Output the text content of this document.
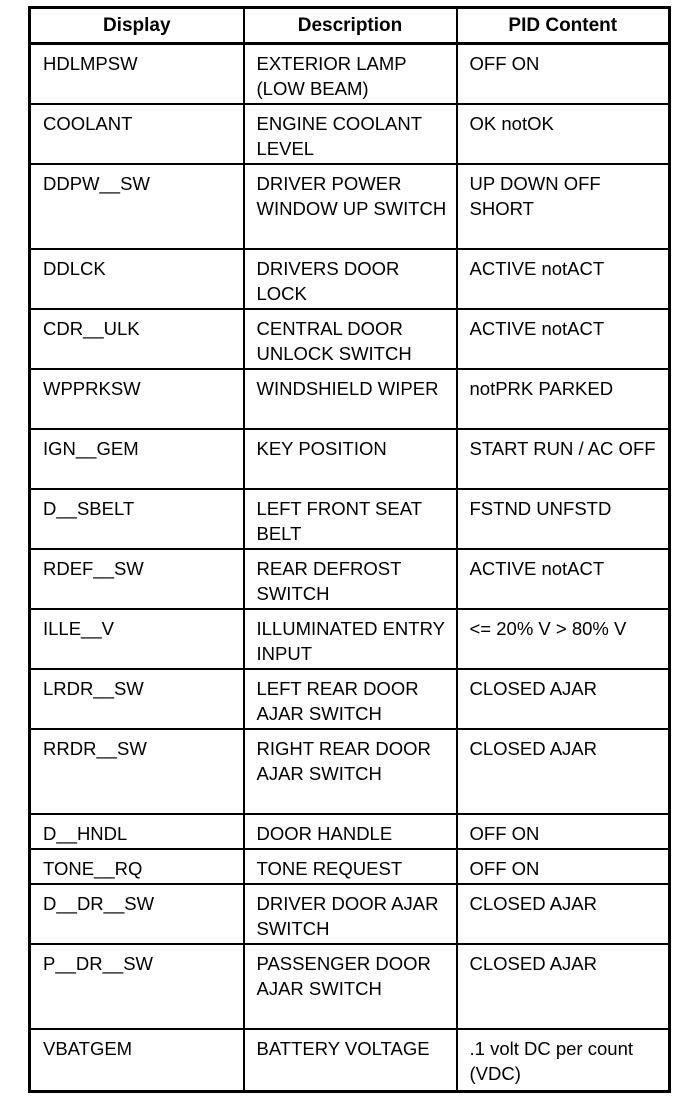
Display	Description	PID Content
HDLMPSW	EXTERIOR LAMP (LOW BEAM)	OFF ON
COOLANT	ENGINE COOLANT LEVEL	OK notOK
DDPW__SW	DRIVER POWER WINDOW UP SWITCH	UP DOWN OFF SHORT
DDLCK	DRIVERS DOOR LOCK	ACTIVE notACT
CDR__ULK	CENTRAL DOOR UNLOCK SWITCH	ACTIVE notACT
WPPRKSW	WINDSHIELD WIPER	notPRK PARKED
IGN__GEM	KEY POSITION	START RUN / AC OFF
D__SBELT	LEFT FRONT SEAT BELT	FSTND UNFSTD
RDEF__SW	REAR DEFROST SWITCH	ACTIVE notACT
ILLE__V	ILLUMINATED ENTRY INPUT	<= 20% V > 80% V
LRDR__SW	LEFT REAR DOOR AJAR SWITCH	CLOSED AJAR
RRDR__SW	RIGHT REAR DOOR AJAR SWITCH	CLOSED AJAR
D__HNDL	DOOR HANDLE	OFF ON
TONE__RQ	TONE REQUEST	OFF ON
D__DR__SW	DRIVER DOOR AJAR SWITCH	CLOSED AJAR
P__DR__SW	PASSENGER DOOR AJAR SWITCH	CLOSED AJAR
VBATGEM	BATTERY VOLTAGE	.1 volt DC per count (VDC)
